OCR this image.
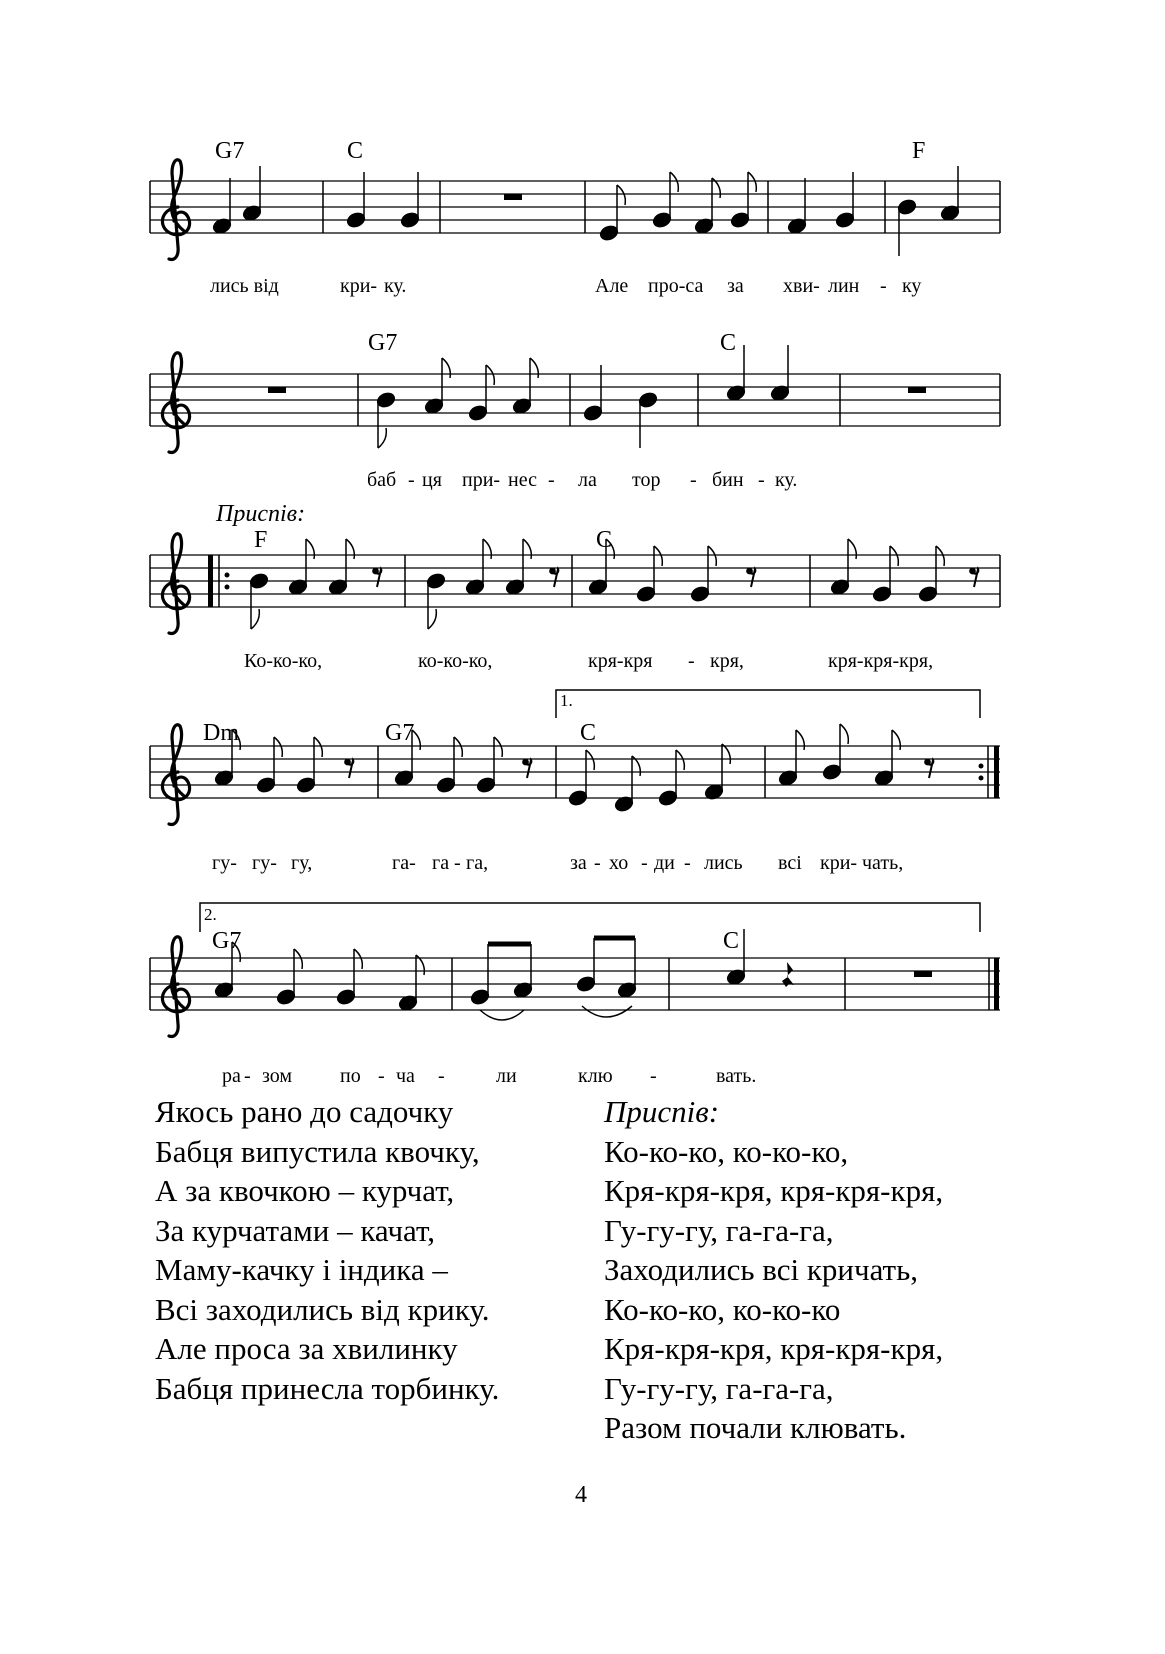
G7	C	F
лись від	кри- ку.	Але про-са за хви- лин - ку
G7	C
баб - ця при- нес - ла тор - бин - ку.
Приспів:
F	C
Ко-ко-ко,	ко-ко-ко,	кря-кря - кря,	кря-кря-кря,
1.
Dm	G7	C
гу- гу- гу,	га- га - га,	за - хо - ди - лись всі кри- чать,
2.
G7	C
ра - зом по - ча -	ли	клю -	вать.
Якось рано до садочку
Бабця випустила квочку,
А за квочкою – курчат,
За курчатами – качат,
Маму-качку і індика –
Всі заходились від крику.
Але проса за хвилинку
Бабця принесла торбинку.
Приспів:
Ко-ко-ко, ко-ко-ко,
Кря-кря-кря, кря-кря-кря,
Гу-гу-гу, га-га-га,
Заходились всі кричать,
Ко-ко-ко, ко-ко-ко
Кря-кря-кря, кря-кря-кря,
Гу-гу-гу, га-га-га,
Разом почали клювать.
4
